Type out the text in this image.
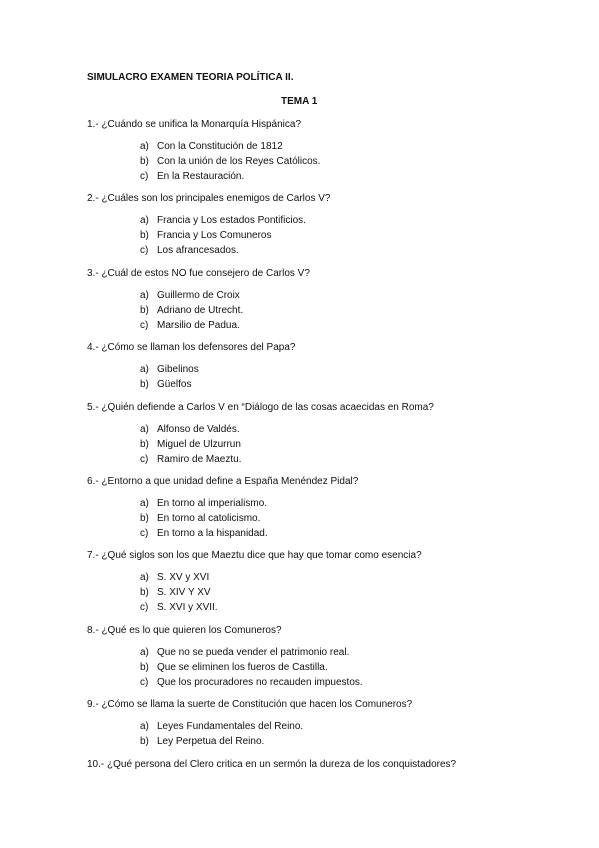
SIMULACRO EXAMEN TEORIA POLÍTICA II.
TEMA 1
1.- ¿Cuándo se unifica la Monarquía Hispánica?
a) Con la Constitución de 1812
b) Con la unión de los Reyes Católicos.
c) En la Restauración.
2.- ¿Cuáles son los principales enemigos de Carlos V?
a) Francia y Los estados Pontificios.
b) Francia y Los Comuneros
c) Los afrancesados.
3.- ¿Cuál de estos NO fue consejero de Carlos V?
a) Guillermo de Croix
b) Adriano de Utrecht.
c) Marsilio de Padua.
4.- ¿Cómo se llaman los defensores del Papa?
a) Gibelinos
b) Güelfos
5.- ¿Quién defiende a Carlos V en “Diálogo de las cosas acaecidas en Roma?
a) Alfonso de Valdés.
b) Miguel de Ulzurrun
c) Ramiro de Maeztu.
6.- ¿Entorno a que unidad define a España Menéndez Pidal?
a) En torno al imperialismo.
b) En torno al catolicismo.
c) En torno a la hispanidad.
7.- ¿Qué siglos son los que Maeztu dice que hay que tomar como esencia?
a) S. XV y XVI
b) S. XIV Y XV
c) S. XVI y XVII.
8.- ¿Qué es lo que quieren los Comuneros?
a) Que no se pueda vender el patrimonio real.
b) Que se eliminen los fueros de Castilla.
c) Que los procuradores no recauden impuestos.
9.- ¿Cómo se llama la suerte de Constitución que hacen los Comuneros?
a) Leyes Fundamentales del Reino.
b) Ley Perpetua del Reino.
10.- ¿Qué persona del Clero critica en un sermón la dureza de los conquistadores?
